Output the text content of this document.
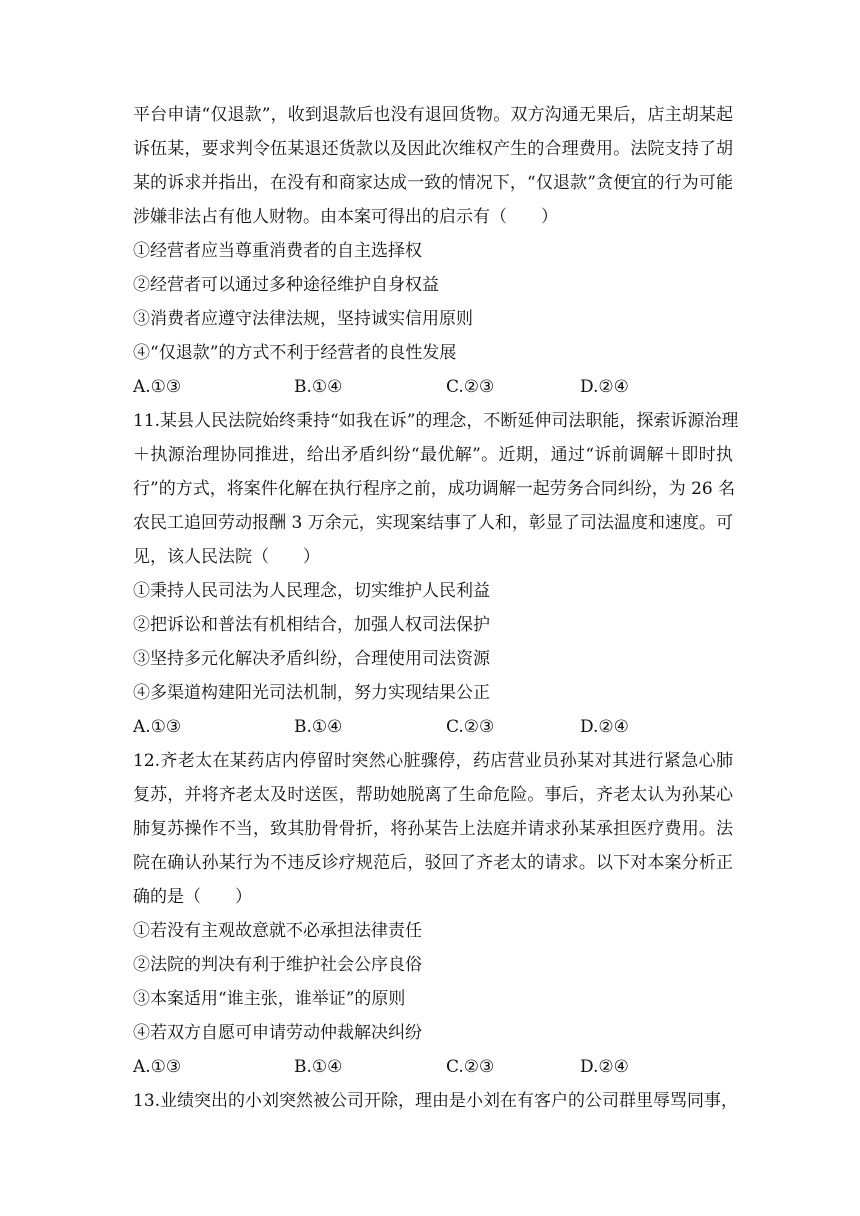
平台申请“仅退款”，收到退款后也没有退回货物。双方沟通无果后，店主胡某起
诉伍某，要求判令伍某退还货款以及因此次维权产生的合理费用。法院支持了胡
某的诉求并指出，在没有和商家达成一致的情况下，“仅退款”贪便宜的行为可能
涉嫌非法占有他人财物。由本案可得出的启示有（　　）
①经营者应当尊重消费者的自主选择权
②经营者可以通过多种途径维护自身权益
③消费者应遵守法律法规，坚持诚实信用原则
④“仅退款”的方式不利于经营者的良性发展
A.①③	B.①④	C.②③	D.②④
11.某县人民法院始终秉持“如我在诉”的理念，不断延伸司法职能，探索诉源治理
＋执源治理协同推进，给出矛盾纠纷“最优解”。近期，通过“诉前调解＋即时执
行”的方式，将案件化解在执行程序之前，成功调解一起劳务合同纠纷，为 26 名
农民工追回劳动报酬 3 万余元，实现案结事了人和，彰显了司法温度和速度。可
见，该人民法院（　　）
①秉持人民司法为人民理念，切实维护人民利益
②把诉讼和普法有机相结合，加强人权司法保护
③坚持多元化解决矛盾纠纷，合理使用司法资源
④多渠道构建阳光司法机制，努力实现结果公正
A.①③	B.①④	C.②③	D.②④
12.齐老太在某药店内停留时突然心脏骤停，药店营业员孙某对其进行紧急心肺
复苏，并将齐老太及时送医，帮助她脱离了生命危险。事后，齐老太认为孙某心
肺复苏操作不当，致其肋骨骨折，将孙某告上法庭并请求孙某承担医疗费用。法
院在确认孙某行为不违反诊疗规范后，驳回了齐老太的请求。以下对本案分析正
确的是（　　）
①若没有主观故意就不必承担法律责任
②法院的判决有利于维护社会公序良俗
③本案适用“谁主张，谁举证”的原则
④若双方自愿可申请劳动仲裁解决纠纷
A.①③	B.①④	C.②③	D.②④
13.业绩突出的小刘突然被公司开除，理由是小刘在有客户的公司群里辱骂同事，
